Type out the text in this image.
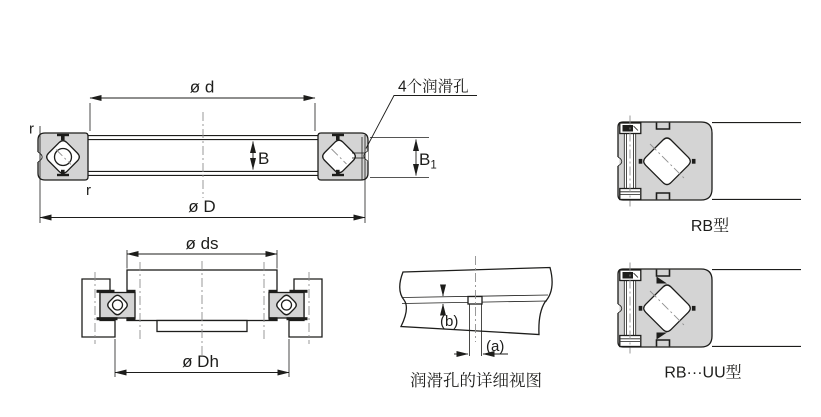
ø d
ø D
B	$B_1$
r
r
4个润滑孔
ø ds
ø Dh
(b)
(a)
润滑孔的详细视图
RB型
RB···UU型
